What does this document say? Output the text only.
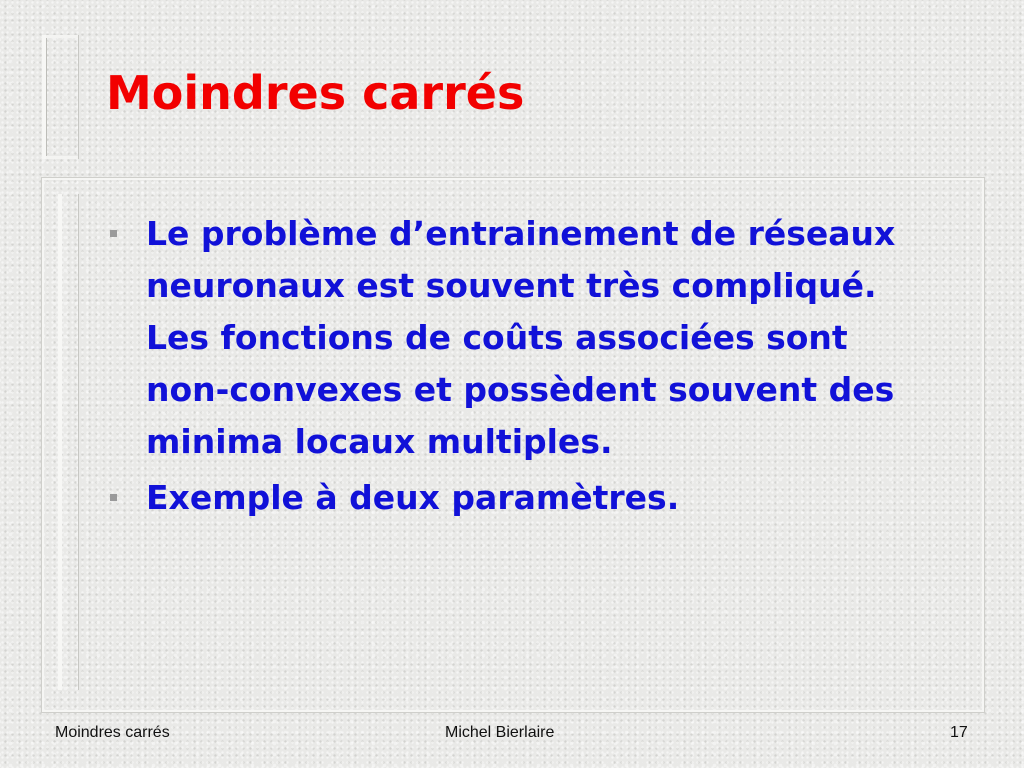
Moindres carrés
Le problème d’entrainement de réseaux neuronaux est souvent très compliqué. Les fonctions de coûts associées sont non-convexes et possèdent souvent des minima locaux multiples.
Exemple à deux paramètres.
Moindres carrés	Michel Bierlaire	17
